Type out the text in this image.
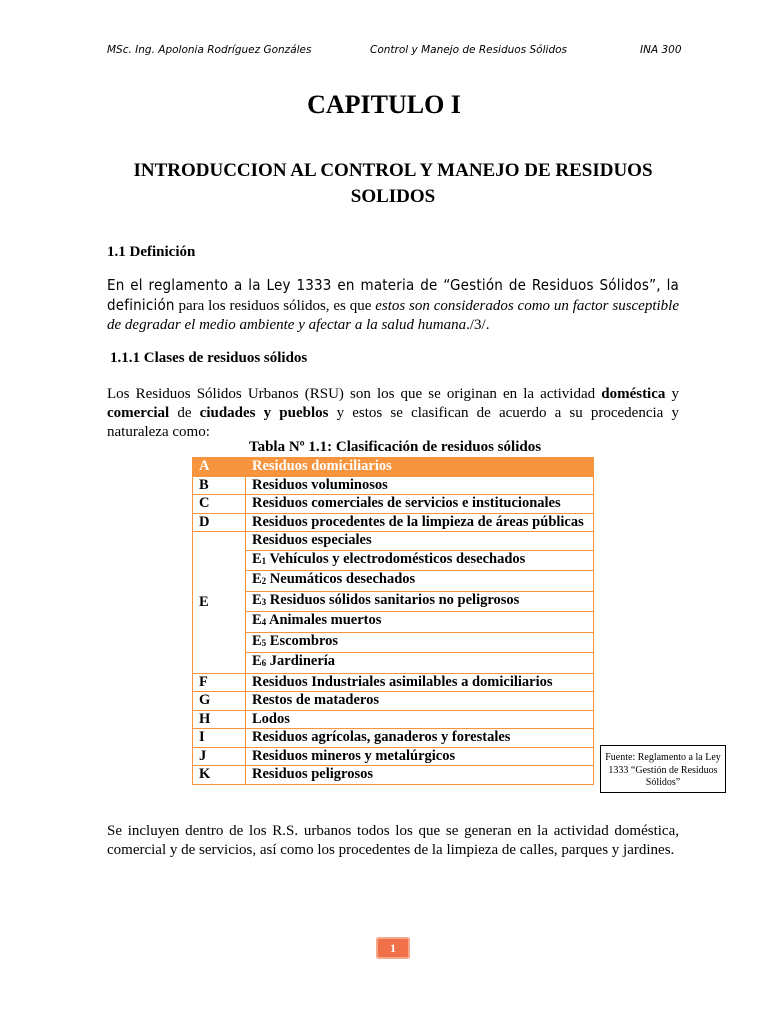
MSc. Ing. Apolonia Rodríguez Gonzáles	Control y Manejo de Residuos Sólidos	INA 300
CAPITULO I
INTRODUCCION AL CONTROL Y MANEJO DE RESIDUOS SOLIDOS
1.1 Definición
En el reglamento a la Ley 1333 en materia de “Gestión de Residuos Sólidos”, la definición para los residuos sólidos, es que estos son considerados como un factor susceptible de degradar el medio ambiente y afectar a la salud humana./3/.
1.1.1 Clases de residuos sólidos
Los Residuos Sólidos Urbanos (RSU) son los que se originan en la actividad doméstica y comercial de ciudades y pueblos y estos se clasifican de acuerdo a su procedencia y naturaleza como:
Tabla Nº 1.1: Clasificación de residuos sólidos
A	Residuos domiciliarios
B	Residuos voluminosos
C	Residuos comerciales de servicios e institucionales
D	Residuos procedentes de la limpieza de áreas públicas
E	Residuos especiales
	$E_1$ Vehículos y electrodomésticos desechados
	$E_2$ Neumáticos desechados
	$E_3$ Residuos sólidos sanitarios no peligrosos
	$E_4$ Animales muertos
	$E_5$ Escombros
	$E_6$ Jardinería
F	Residuos Industriales asimilables a domiciliarios
G	Restos de mataderos
H	Lodos
I	Residuos agrícolas, ganaderos y forestales
J	Residuos mineros y metalúrgicos
K	Residuos peligrosos
Fuente: Reglamento a la Ley 1333 “Gestión de Residuos Sólidos”
Se incluyen dentro de los R.S. urbanos todos los que se generan en la actividad doméstica, comercial y de servicios, así como los procedentes de la limpieza de calles, parques y jardines.
1
